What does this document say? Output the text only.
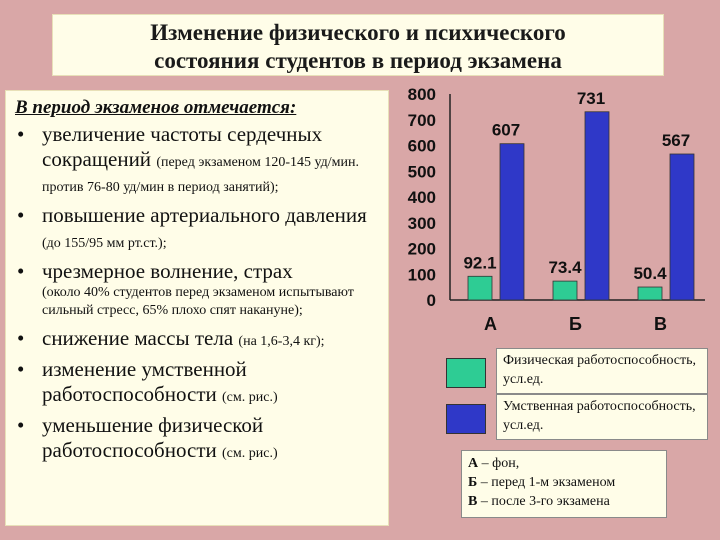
Изменение физического и психического
состояния студентов в период экзамена

В период экзаменов отмечается:

• увеличение частоты сердечных сокращений (перед экзаменом 120-145 уд/мин. против 76-80 уд/мин в период занятий);
• повышение артериального давления (до 155/95 мм рт.ст.);
• чрезмерное волнение, страх
(около 40% студентов перед экзаменом испытывают сильный стресс, 65% плохо спят накануне);
• снижение массы тела (на 1,6-3,4 кг);
• изменение умственной работоспособности (см. рис.)
• уменьшение физической работоспособности (см. рис.)
0
100
200
300
400
500
600
700
800
92.1
607
А
73.4
731
Б
50.4
567
В
Физическая работоспособность, усл.ед.
Умственная работоспособность, усл.ед.
А – фон,
Б – перед 1-м экзаменом
В – после 3-го экзамена
